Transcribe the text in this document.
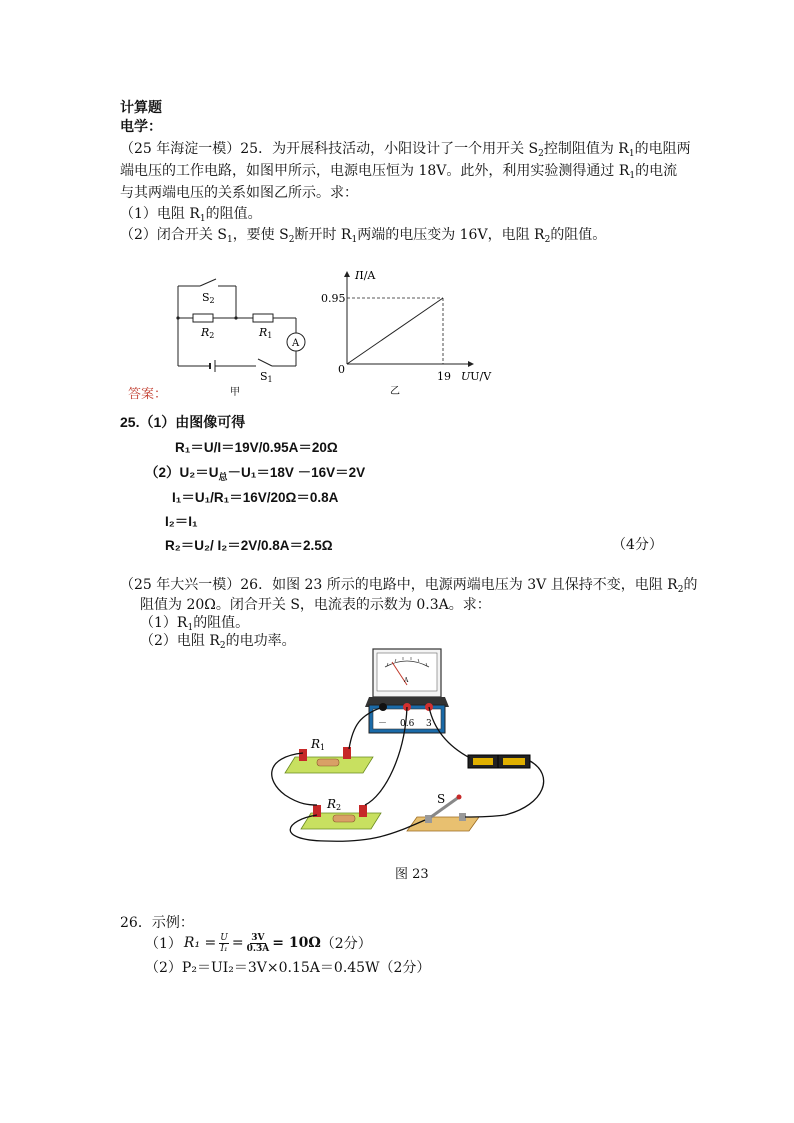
计算题
电学：
（25 年海淀一模）25．为开展科技活动，小阳设计了一个用开关 $S_2$控制阻值为 $R_1$的电阻两
端电压的工作电路，如图甲所示，电源电压恒为 18V。此外，利用实验测得通过 $R_1$的电流
与其两端电压的关系如图乙所示。求：
（1）电阻 $R_1$的阻值。
（2）闭合开关 $S_1$，要使 $S_2$断开时 $R_1$两端的电压变为 16V，电阻 $R_2$的阻值。
S2
R2	R1
A
S1
甲
答案：
0.95
19
II/A
UU/V
0
乙
25.（1）由图像可得
R₁＝U/I＝19V/0.95A＝20Ω
$(2)U_2=U_总-U_1=18V -16V=2V$
I₁＝U₁/R₁＝16V/20Ω＝0.8A
I₂＝I₁
R₂＝U₂/ I₂＝2V/0.8A＝2.5Ω	（4分）
（25 年大兴一模）26．如图 23 所示的电路中，电源两端电压为 3V 且保持不变，电阻 $R_2$的
阻值为 20Ω。闭合开关 S，电流表的示数为 0.3A。求：
$(1)R_1$的阻值。
（2）电阻 $R_2$的电功率。
A
－ 0.6 3
R1
R2
S
图 23
26．示例：
（1） $R_1 = \frac{U}{\text{I₁}} = \frac{3V}{0.3A} = 10\Omega$ （2分）
（2）P₂＝UI₂＝3V×0.15A＝0.45W（2分）
